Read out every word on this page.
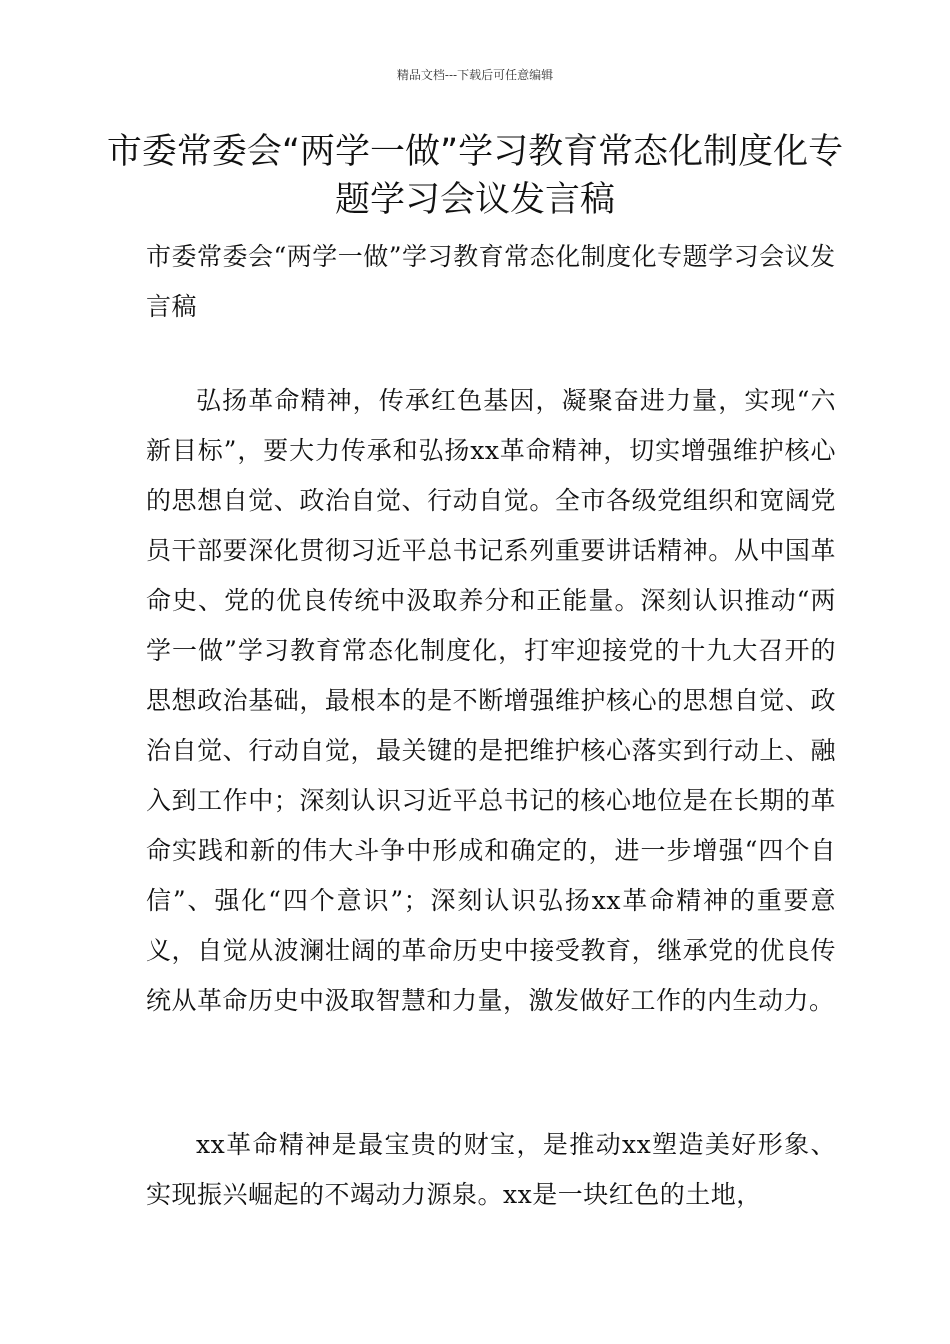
精品文档---下载后可任意编辑
市委常委会“两学一做”学习教育常态化制度化专题学习会议发言稿

市委常委会“两学一做”学习教育常态化制度化专题学习会议发言稿

弘扬革命精神，传承红色基因，凝聚奋进力量，实现“六新目标”，要大力传承和弘扬xx革命精神，切实增强维护核心的思想自觉、政治自觉、行动自觉。全市各级党组织和宽阔党员干部要深化贯彻习近平总书记系列重要讲话精神。从中国革命史、党的优良传统中汲取养分和正能量。深刻认识推动“两学一做”学习教育常态化制度化，打牢迎接党的十九大召开的思想政治基础，最根本的是不断增强维护核心的思想自觉、政治自觉、行动自觉，最关键的是把维护核心落实到行动上、融入到工作中；深刻认识习近平总书记的核心地位是在长期的革命实践和新的伟大斗争中形成和确定的，进一步增强“四个自信”、强化“四个意识”；深刻认识弘扬xx革命精神的重要意义，自觉从波澜壮阔的革命历史中接受教育，继承党的优良传统从革命历史中汲取智慧和力量，激发做好工作的内生动力。

xx革命精神是最宝贵的财宝，是推动xx塑造美好形象、实现振兴崛起的不竭动力源泉。xx是一块红色的土地，
